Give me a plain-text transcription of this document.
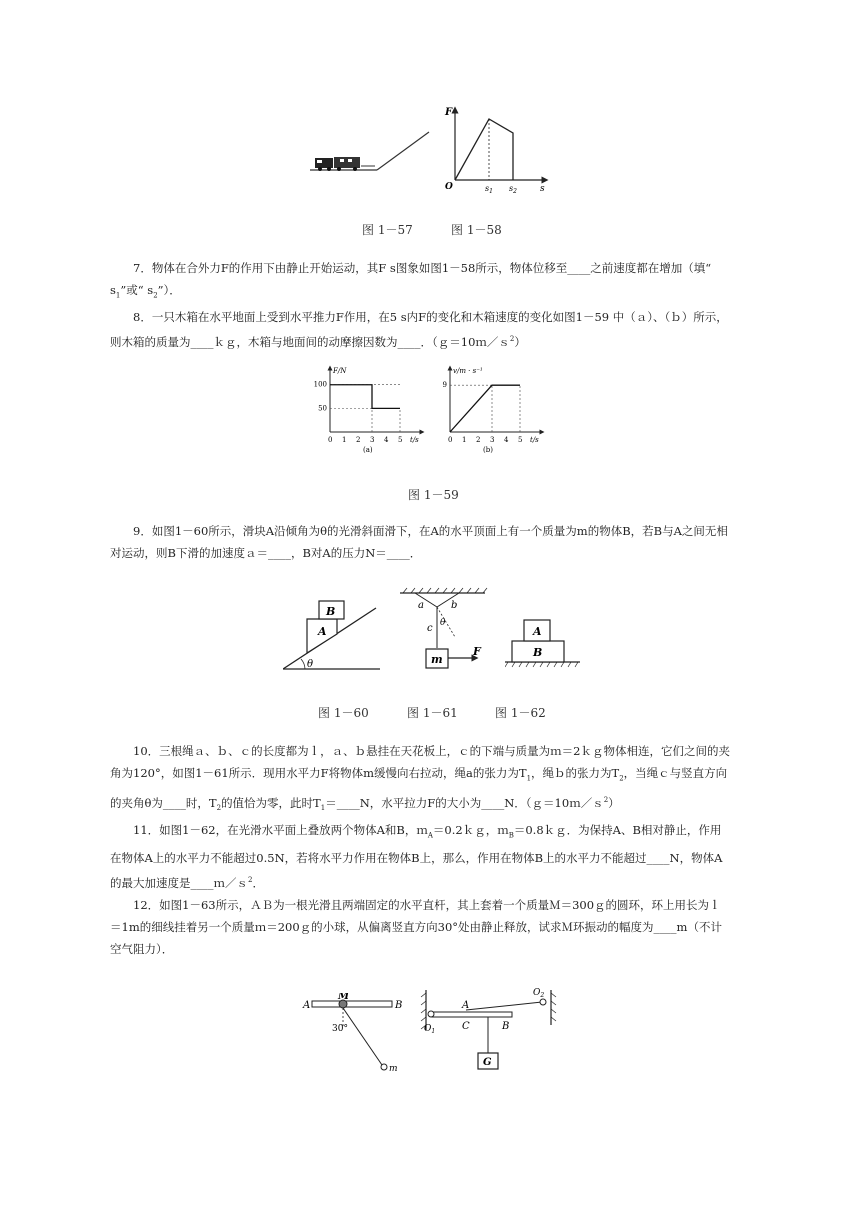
F
s
O	$s_1$ $s_2$
图 1－57	图 1－58

7．物体在合外力F的作用下由静止开始运动，其F s图象如图1－58所示，物体位移至____之前速度都在增加（填“ $s_1$”或“ $s_2$”）．

8．一只木箱在水平地面上受到水平推力F作用，在5 s内F的变化和木箱速度的变化如图1－59 中（ａ）、（ｂ）所示，则木箱的质量为____ｋｇ，木箱与地面间的动摩擦因数为____．（ｇ＝10ｍ／ｓ$^2$）

F/N
0 1 2 3 4 5 t/s
100
50
(a)
v/m · s⁻¹
0 1 2 3 4 5 t/s
9
(b)
图 1－59

9．如图1－60所示，滑块A沿倾角为θ的光滑斜面滑下，在A的水平顶面上有一个质量为m的物体B，若B与A之间无相对运动，则B下滑的加速度ａ＝____，B对A的压力N＝____．

A
B
θ
a	b
c θ
m
F
A
B
图 1－60	图 1－61	图 1－62

10．三根绳ａ、ｂ、ｃ的长度都为ｌ，ａ、ｂ悬挂在天花板上，ｃ的下端与质量为ｍ＝2ｋｇ物体相连，它们之间的夹角为120°，如图1－61所示．现用水平力F将物体m缓慢向右拉动，绳a的张力为$T_1$，绳ｂ的张力为$T_2$，当绳ｃ与竖直方向的夹角θ为____时，$T_2$的值恰为零，此时$T_1=\_\_\_\_N$，水平拉力F的大小为____N．（ｇ＝10ｍ／ｓ$^2$）

11．如图1－62，在光滑水平面上叠放两个物体A和B，ｍ$_A$＝0.2ｋｇ，ｍ$_B$＝0.8ｋｇ．为保持A、B相对静止，作用在物体A上的水平力不能超过0.5N，若将水平力作用在物体B上，那么，作用在物体B上的水平力不能超过____N，物体A的最大加速度是____ｍ／ｓ$^2$．

12．如图1－63所示，ＡＢ为一根光滑且两端固定的水平直杆，其上套着一个质量Ｍ＝300ｇ的圆环，环上用长为ｌ＝1m的细线挂着另一个质量ｍ＝200ｇ的小球，从偏离竖直方向30°处由静止释放，试求Ｍ环振动的幅度为____m（不计空气阻力）．

A
M
B
30°
m
A
$O_1$	C	B
$O_2$
G
